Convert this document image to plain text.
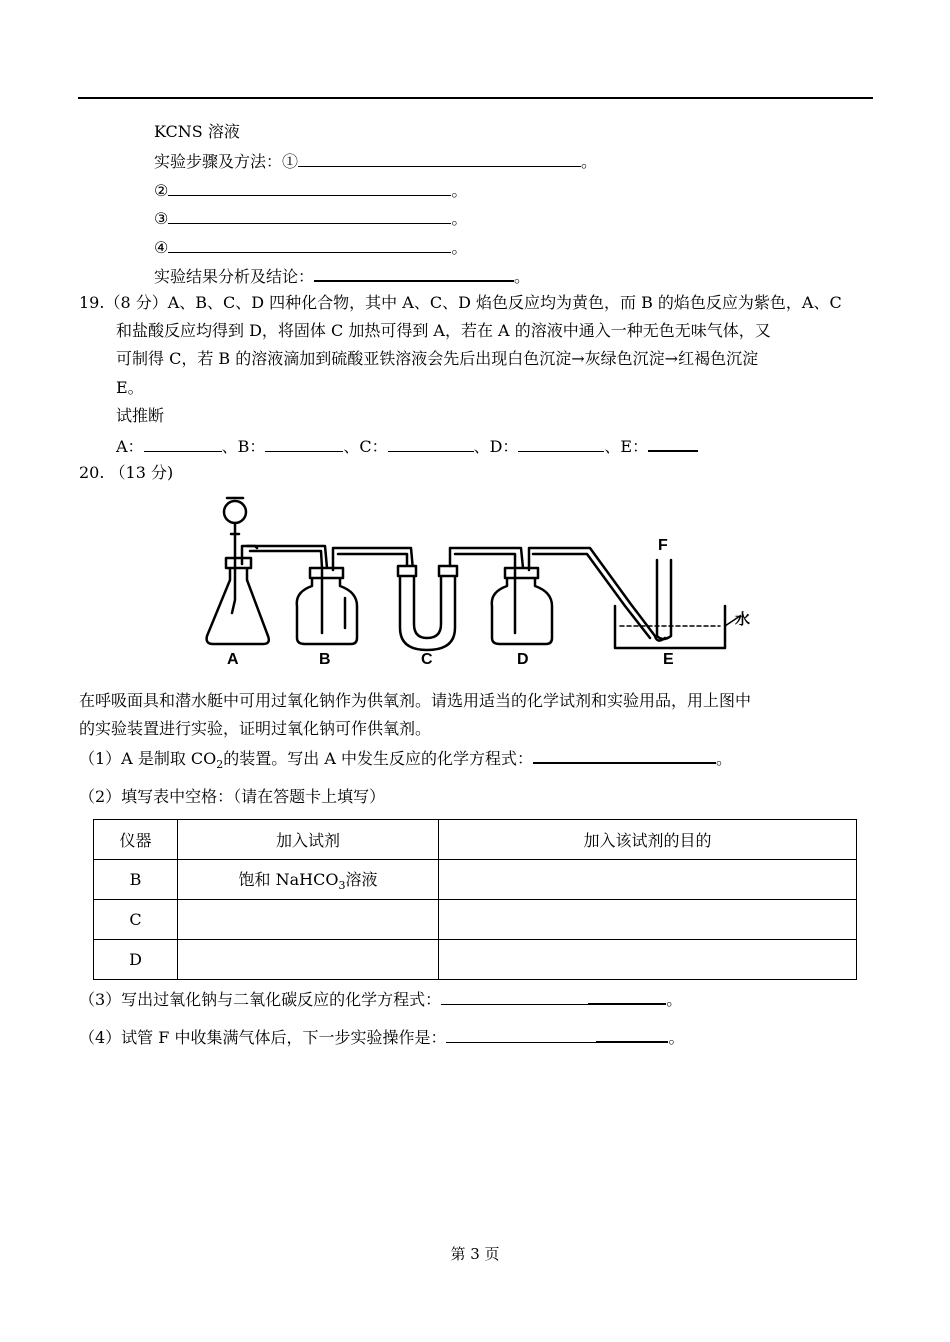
KCNS 溶液
实验步骤及方法：①	。
②	。
③	。
④	。
实验结果分析及结论：	。
19.（8 分）A、B、C、D 四种化合物，其中 A、C、D 焰色反应均为黄色，而 B 的焰色反应为紫色，A、C
和盐酸反应均得到 D，将固体 C 加热可得到 A，若在 A 的溶液中通入一种无色无味气体，又
可制得 C，若 B 的溶液滴加到硫酸亚铁溶液会先后出现白色沉淀→灰绿色沉淀→红褐色沉淀
E。
试推断
A：	、B：	、C：	、D：	、E：
20. （13 分)
A	B	C	D	E
F
水
在呼吸面具和潜水艇中可用过氧化钠作为供氧剂。请选用适当的化学试剂和实验用品，用上图中
的实验装置进行实验，证明过氧化钠可作供氧剂。
（1）A 是制取 $CO_2$的装置。写出 A 中发生反应的化学方程式：	。
（2）填写表中空格：（请在答题卡上填写）
仪器	加入试剂	加入该试剂的目的
B	饱和 NaHCO$_3$溶液	
C		
D		
（3）写出过氧化钠与二氧化碳反应的化学方程式：	。
（4）试管 F 中收集满气体后，下一步实验操作是：	。
第 3 页
